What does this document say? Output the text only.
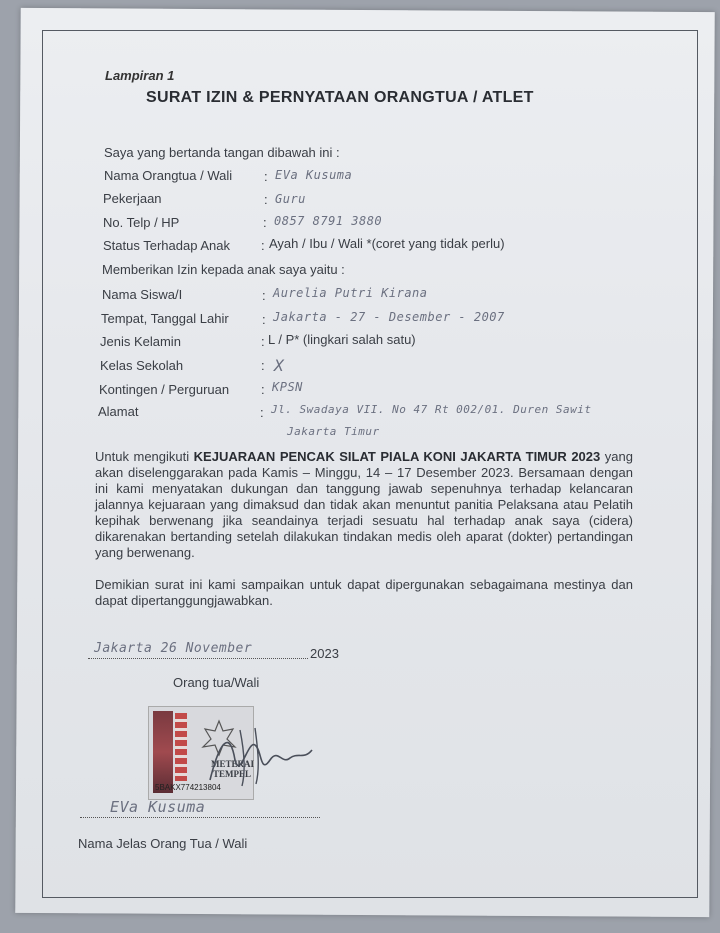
Lampiran 1
SURAT IZIN & PERNYATAAN ORANGTUA / ATLET
Saya yang bertanda tangan dibawah ini :
Nama Orangtua / Wali : EVa Kusuma
Pekerjaan	: Guru
No. Telp / HP	: 0857 8791 3880
Status Terhadap Anak : Ayah / Ibu / Wali *(coret yang tidak perlu)
Memberikan Izin kepada anak saya yaitu :
Nama Siswa/I	: Aurelia Putri Kirana
Tempat, Tanggal Lahir	: Jakarta - 27 - Desember - 2007
Jenis Kelamin	: L / P* (lingkari salah satu)
Kelas Sekolah	: X
Kontingen / Perguruan : KPSN
Alamat	: Jl. Swadaya VII. No 47 Rt 002/01. Duren Sawit
Jakarta Timur
Untuk mengikuti KEJUARAAN PENCAK SILAT PIALA KONI JAKARTA TIMUR 2023 yang akan diselenggarakan pada Kamis – Minggu, 14 – 17 Desember 2023. Bersamaan dengan ini kami menyatakan dukungan dan tanggung jawab sepenuhnya terhadap kelancaran jalannya kejuaraan yang dimaksud dan tidak akan menuntut panitia Pelaksana atau Pelatih kepihak berwenang jika seandainya terjadi sesuatu hal terhadap anak saya (cidera) dikarenakan bertanding setelah dilakukan tindakan medis oleh aparat (dokter) pertandingan yang berwenang.
Demikian surat ini kami sampaikan untuk dapat dipergunakan sebagaimana mestinya dan dapat dipertanggungjawabkan.
Jakarta 26 November	2023
Orang tua/Wali
METERAI
TEMPEL
5BAKX774213804
EVa Kusuma
Nama Jelas Orang Tua / Wali
